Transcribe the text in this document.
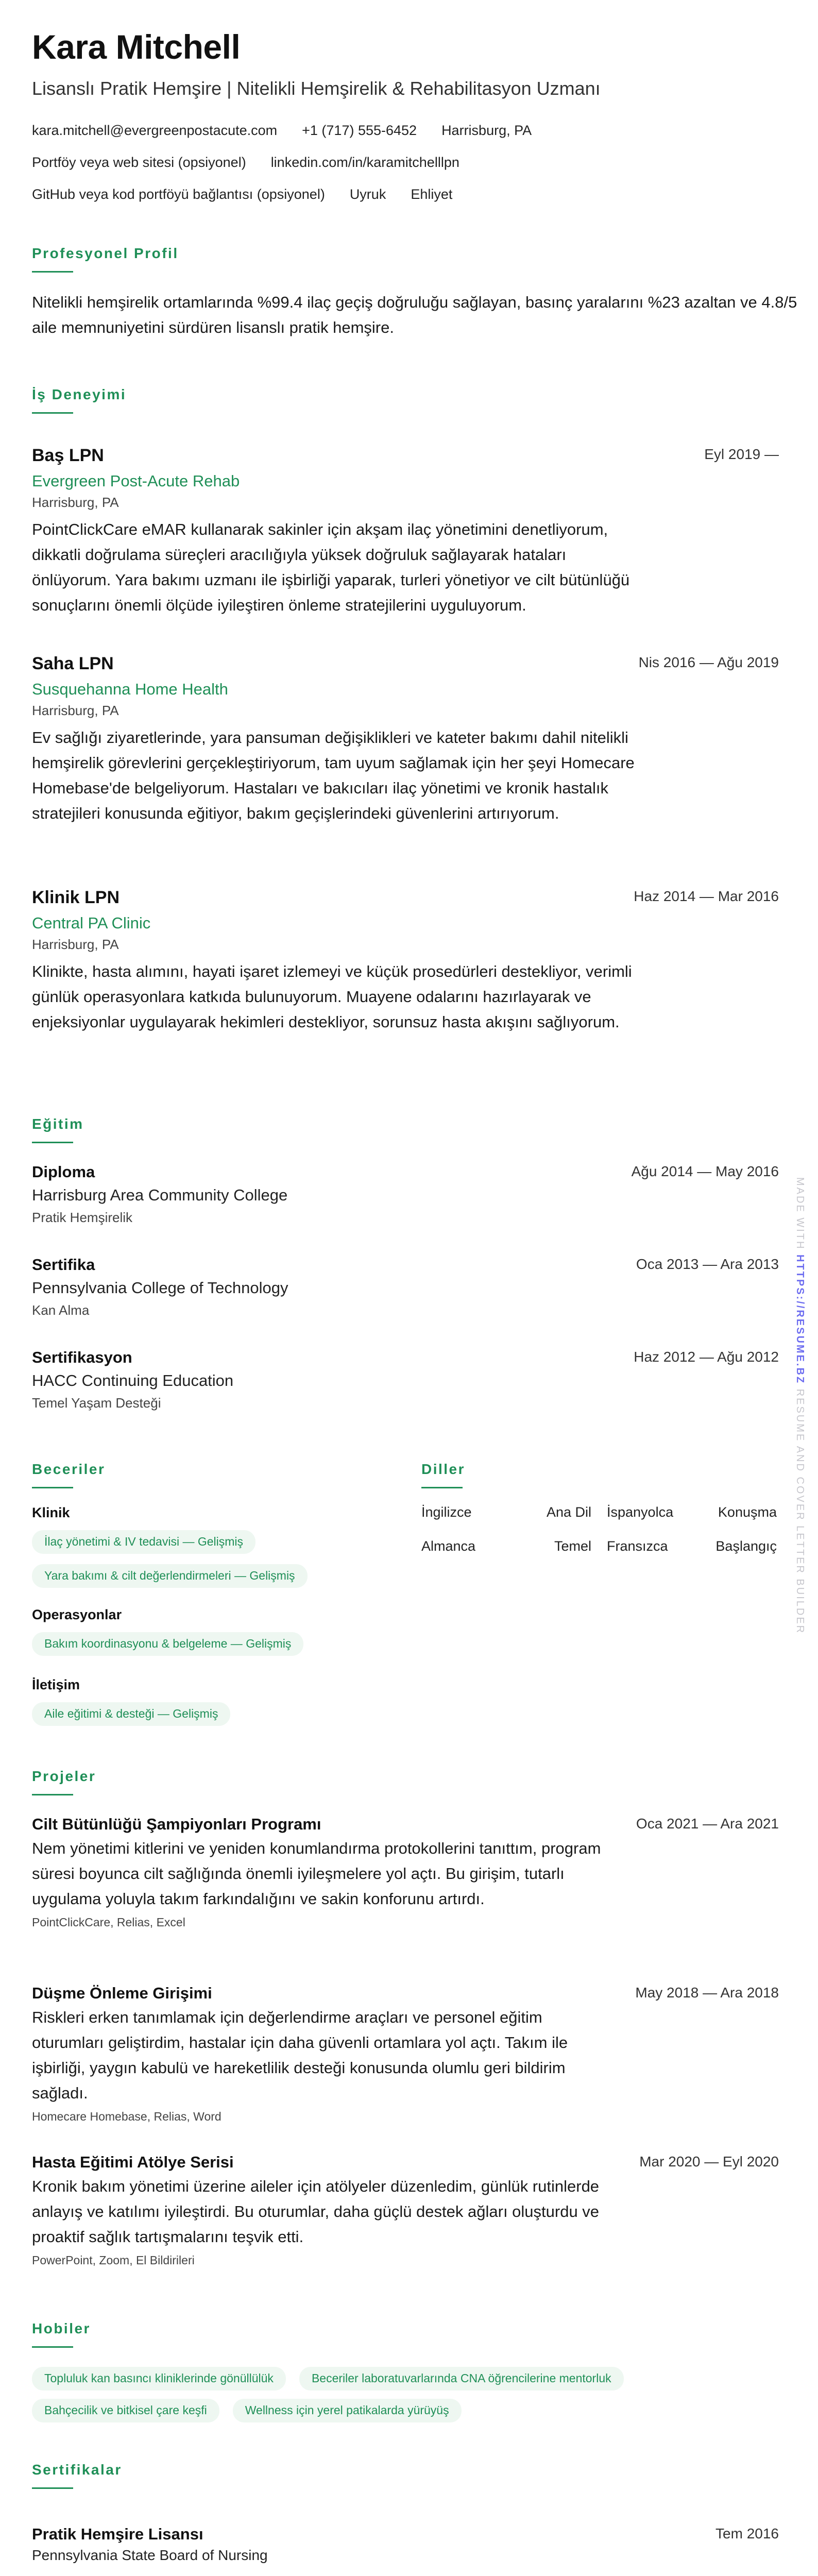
Kara Mitchell
Lisanslı Pratik Hemşire | Nitelikli Hemşirelik & Rehabilitasyon Uzmanı
kara.mitchell@evergreenpostacute.com +1 (717) 555-6452 Harrisburg, PA
Portföy veya web sitesi (opsiyonel) linkedin.com/in/karamitchelllpn
GitHub veya kod portföyü bağlantısı (opsiyonel) Uyruk Ehliyet
Profesyonel Profil
Nitelikli hemşirelik ortamlarında %99.4 ilaç geçiş doğruluğu sağlayan, basınç yaralarını %23 azaltan ve 4.8/5 aile memnuniyetini sürdüren lisanslı pratik hemşire.
İş Deneyimi
Baş LPN	Eyl 2019 —
Evergreen Post-Acute Rehab
Harrisburg, PA
PointClickCare eMAR kullanarak sakinler için akşam ilaç yönetimini denetliyorum, dikkatli doğrulama süreçleri aracılığıyla yüksek doğruluk sağlayarak hataları önlüyorum. Yara bakımı uzmanı ile işbirliği yaparak, turleri yönetiyor ve cilt bütünlüğü sonuçlarını önemli ölçüde iyileştiren önleme stratejilerini uyguluyorum.
Saha LPN	Nis 2016 — Ağu 2019
Susquehanna Home Health
Harrisburg, PA
Ev sağlığı ziyaretlerinde, yara pansuman değişiklikleri ve kateter bakımı dahil nitelikli hemşirelik görevlerini gerçekleştiriyorum, tam uyum sağlamak için her şeyi Homecare Homebase'de belgeliyorum. Hastaları ve bakıcıları ilaç yönetimi ve kronik hastalık stratejileri konusunda eğitiyor, bakım geçişlerindeki güvenlerini artırıyorum.
Klinik LPN	Haz 2014 — Mar 2016
Central PA Clinic
Harrisburg, PA
Klinikte, hasta alımını, hayati işaret izlemeyi ve küçük prosedürleri destekliyor, verimli günlük operasyonlara katkıda bulunuyorum. Muayene odalarını hazırlayarak ve enjeksiyonlar uygulayarak hekimleri destekliyor, sorunsuz hasta akışını sağlıyorum.
Eğitim
Diploma	Ağu 2014 — May 2016
Harrisburg Area Community College
Pratik Hemşirelik
Sertifika	Oca 2013 — Ara 2013
Pennsylvania College of Technology
Kan Alma
Sertifikasyon	Haz 2012 — Ağu 2012
HACC Continuing Education
Temel Yaşam Desteği
Beceriler
Klinik
İlaç yönetimi & IV tedavisi — Gelişmiş
Yara bakımı & cilt değerlendirmeleri — Gelişmiş
Operasyonlar
Bakım koordinasyonu & belgeleme — Gelişmiş
İletişim
Aile eğitimi & desteği — Gelişmiş
Diller
İngilizce	Ana Dil İspanyolca	Konuşma
Almanca	Temel Fransızca	Başlangıç
Projeler
Cilt Bütünlüğü Şampiyonları Programı	Oca 2021 — Ara 2021
Nem yönetimi kitlerini ve yeniden konumlandırma protokollerini tanıttım, program süresi boyunca cilt sağlığında önemli iyileşmelere yol açtı. Bu girişim, tutarlı uygulama yoluyla takım farkındalığını ve sakin konforunu artırdı.
PointClickCare, Relias, Excel
Düşme Önleme Girişimi	May 2018 — Ara 2018
Riskleri erken tanımlamak için değerlendirme araçları ve personel eğitim oturumları geliştirdim, hastalar için daha güvenli ortamlara yol açtı. Takım ile işbirliği, yaygın kabulü ve hareketlilik desteği konusunda olumlu geri bildirim sağladı.
Homecare Homebase, Relias, Word
Hasta Eğitimi Atölye Serisi	Mar 2020 — Eyl 2020
Kronik bakım yönetimi üzerine aileler için atölyeler düzenledim, günlük rutinlerde anlayış ve katılımı iyileştirdi. Bu oturumlar, daha güçlü destek ağları oluşturdu ve proaktif sağlık tartışmalarını teşvik etti.
PowerPoint, Zoom, El Bildirileri
Hobiler
Topluluk kan basıncı kliniklerinde gönüllülük	Beceriler laboratuvarlarında CNA öğrencilerine mentorluk
Bahçecilik ve bitkisel çare keşfi	Wellness için yerel patikalarda yürüyüş
Sertifikalar
Pratik Hemşire Lisansı	Tem 2016
Pennsylvania State Board of Nursing
MADE WITH HTTPS://RESUME.BZ RESUME AND COVER LETTER BUILDER
